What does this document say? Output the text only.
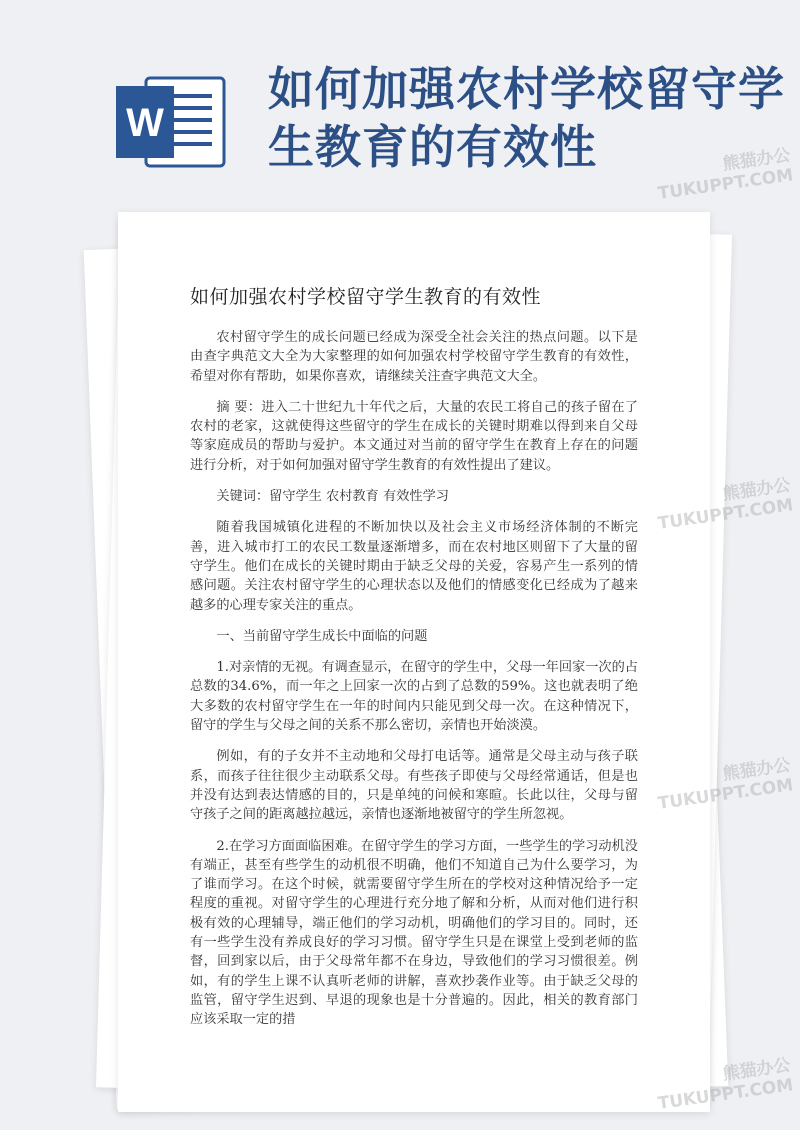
W
如何加强农村学校留守学生教育的有效性
如何加强农村学校留守学生教育的有效性

农村留守学生的成长问题已经成为深受全社会关注的热点问题。以下是由查字典范文大全为大家整理的如何加强农村学校留守学生教育的有效性，希望对你有帮助，如果你喜欢，请继续关注查字典范文大全。

摘 要：进入二十世纪九十年代之后，大量的农民工将自己的孩子留在了农村的老家，这就使得这些留守的学生在成长的关键时期难以得到来自父母等家庭成员的帮助与爱护。本文通过对当前的留守学生在教育上存在的问题进行分析，对于如何加强对留守学生教育的有效性提出了建议。

关键词：留守学生 农村教育 有效性学习

随着我国城镇化进程的不断加快以及社会主义市场经济体制的不断完善，进入城市打工的农民工数量逐渐增多，而在农村地区则留下了大量的留守学生。他们在成长的关键时期由于缺乏父母的关爱，容易产生一系列的情感问题。关注农村留守学生的心理状态以及他们的情感变化已经成为了越来越多的心理专家关注的重点。

一、当前留守学生成长中面临的问题

1.对亲情的无视。有调查显示，在留守的学生中，父母一年回家一次的占总数的34.6%，而一年之上回家一次的占到了总数的59%。这也就表明了绝大多数的农村留守学生在一年的时间内只能见到父母一次。在这种情况下，留守的学生与父母之间的关系不那么密切，亲情也开始淡漠。

例如，有的子女并不主动地和父母打电话等。通常是父母主动与孩子联系，而孩子往往很少主动联系父母。有些孩子即使与父母经常通话，但是也并没有达到表达情感的目的，只是单纯的问候和寒暄。长此以往，父母与留守孩子之间的距离越拉越远，亲情也逐渐地被留守的学生所忽视。

2.在学习方面面临困难。在留守学生的学习方面，一些学生的学习动机没有端正，甚至有些学生的动机很不明确，他们不知道自己为什么要学习，为了谁而学习。在这个时候，就需要留守学生所在的学校对这种情况给予一定程度的重视。对留守学生的心理进行充分地了解和分析，从而对他们进行积极有效的心理辅导，端正他们的学习动机，明确他们的学习目的。同时，还有一些学生没有养成良好的学习习惯。留守学生只是在课堂上受到老师的监督，回到家以后，由于父母常年都不在身边，导致他们的学习习惯很差。例如，有的学生上课不认真听老师的讲解，喜欢抄袭作业等。由于缺乏父母的监管，留守学生迟到、早退的现象也是十分普遍的。因此，相关的教育部门应该采取一定的措

熊猫办公 TUKUPPT.COM
熊猫办公 TUKUPPT.COM
熊猫办公 TUKUPPT.COM
熊猫办公 TUKUPPT.COM
